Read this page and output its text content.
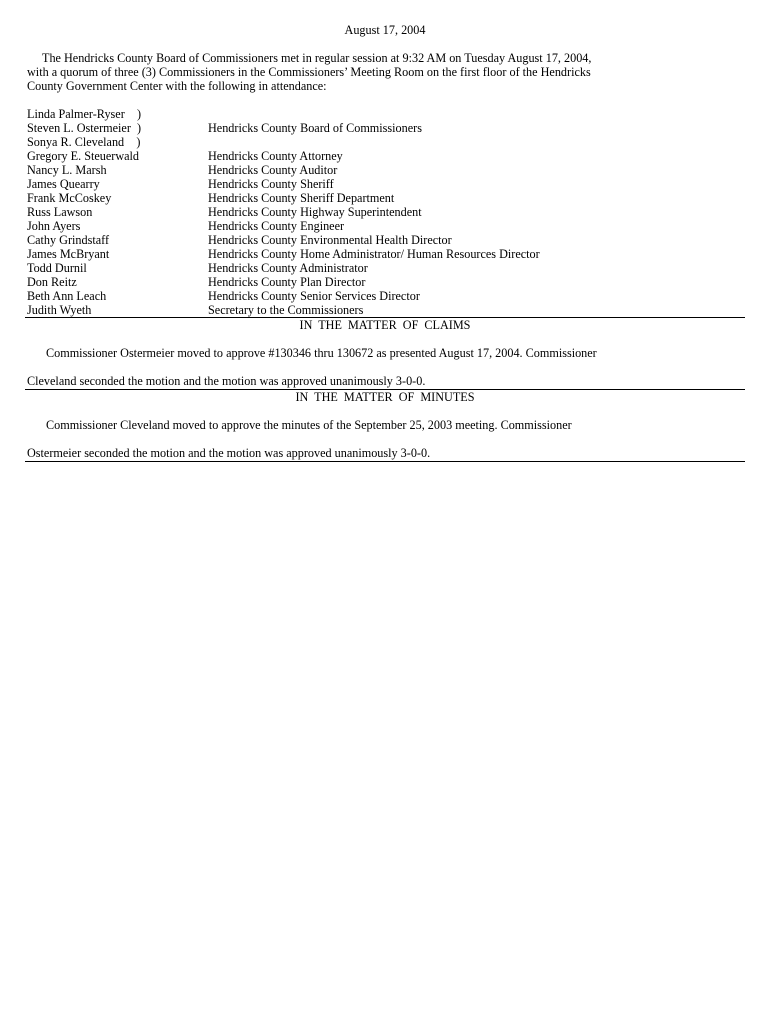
August 17, 2004
The Hendricks County Board of Commissioners met in regular session at 9:32 AM on Tuesday August 17, 2004,
with a quorum of three (3) Commissioners in the Commissioners’ Meeting Room on the first floor of the Hendricks
County Government Center with the following in attendance:
Linda Palmer-Ryser    )
Steven L. Ostermeier  )	Hendricks County Board of Commissioners
Sonya R. Cleveland    )
Gregory E. Steuerwald	Hendricks County Attorney
Nancy L. Marsh	Hendricks County Auditor
James Quearry	Hendricks County Sheriff
Frank McCoskey	Hendricks County Sheriff Department
Russ Lawson	Hendricks County Highway Superintendent
John Ayers	Hendricks County Engineer
Cathy Grindstaff	Hendricks County Environmental Health Director
James McBryant	Hendricks County Home Administrator/ Human Resources Director
Todd Durnil	Hendricks County Administrator
Don Reitz	Hendricks County Plan Director
Beth Ann Leach	Hendricks County Senior Services Director
Judith Wyeth	Secretary to the Commissioners
IN THE MATTER OF CLAIMS
Commissioner Ostermeier moved to approve #130346 thru 130672 as presented August 17, 2004. Commissioner
Cleveland seconded the motion and the motion was approved unanimously 3-0-0.
IN THE MATTER OF MINUTES
Commissioner Cleveland moved to approve the minutes of the September 25, 2003 meeting. Commissioner
Ostermeier seconded the motion and the motion was approved unanimously 3-0-0.
